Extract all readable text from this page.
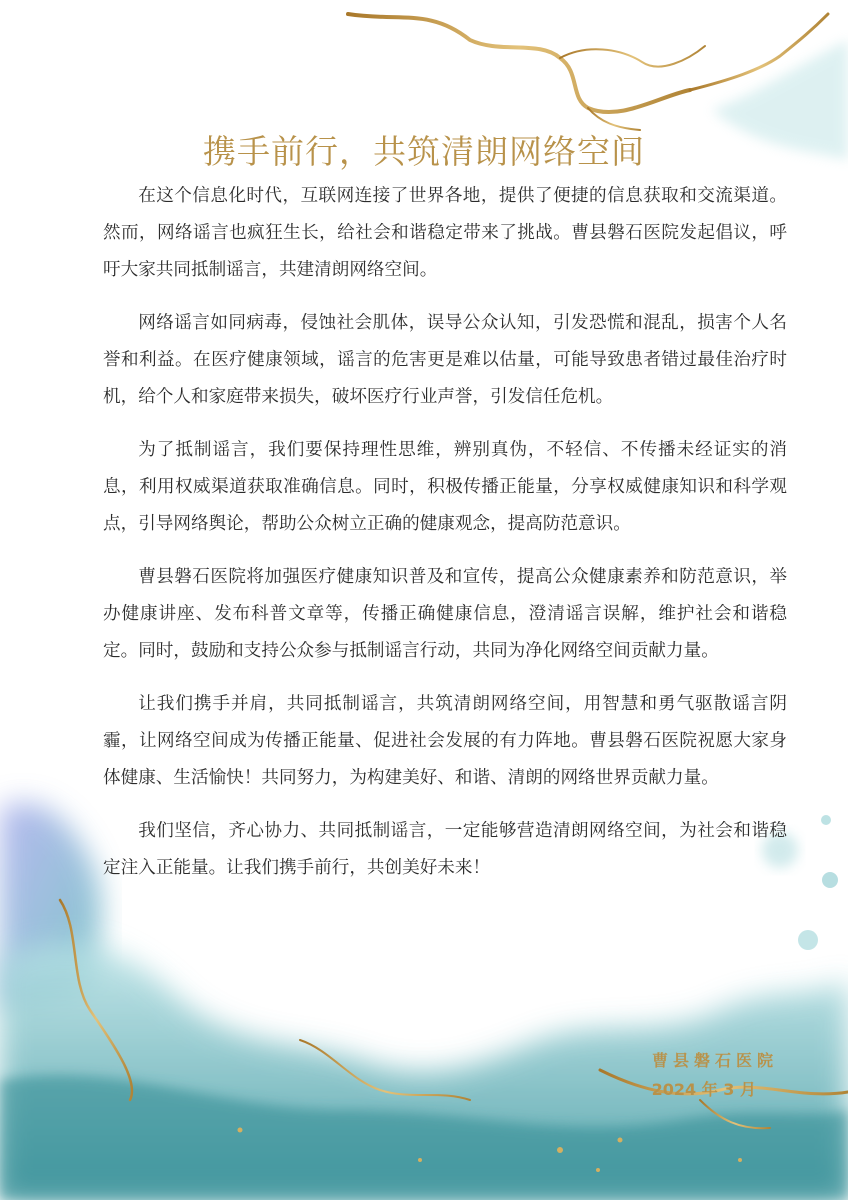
携手前行，共筑清朗网络空间

在这个信息化时代，互联网连接了世界各地，提供了便捷的信息获取和交流渠道。然而，网络谣言也疯狂生长，给社会和谐稳定带来了挑战。曹县磐石医院发起倡议，呼吁大家共同抵制谣言，共建清朗网络空间。

网络谣言如同病毒，侵蚀社会肌体，误导公众认知，引发恐慌和混乱，损害个人名誉和利益。在医疗健康领域，谣言的危害更是难以估量，可能导致患者错过最佳治疗时机，给个人和家庭带来损失，破坏医疗行业声誉，引发信任危机。

为了抵制谣言，我们要保持理性思维，辨别真伪，不轻信、不传播未经证实的消息，利用权威渠道获取准确信息。同时，积极传播正能量，分享权威健康知识和科学观点，引导网络舆论，帮助公众树立正确的健康观念，提高防范意识。

曹县磐石医院将加强医疗健康知识普及和宣传，提高公众健康素养和防范意识，举办健康讲座、发布科普文章等，传播正确健康信息，澄清谣言误解，维护社会和谐稳定。同时，鼓励和支持公众参与抵制谣言行动，共同为净化网络空间贡献力量。

让我们携手并肩，共同抵制谣言，共筑清朗网络空间，用智慧和勇气驱散谣言阴霾，让网络空间成为传播正能量、促进社会发展的有力阵地。曹县磐石医院祝愿大家身体健康、生活愉快！共同努力，为构建美好、和谐、清朗的网络世界贡献力量。

我们坚信，齐心协力、共同抵制谣言，一定能够营造清朗网络空间，为社会和谐稳定注入正能量。让我们携手前行，共创美好未来！

曹县磐石医院
2024 年 3 月
